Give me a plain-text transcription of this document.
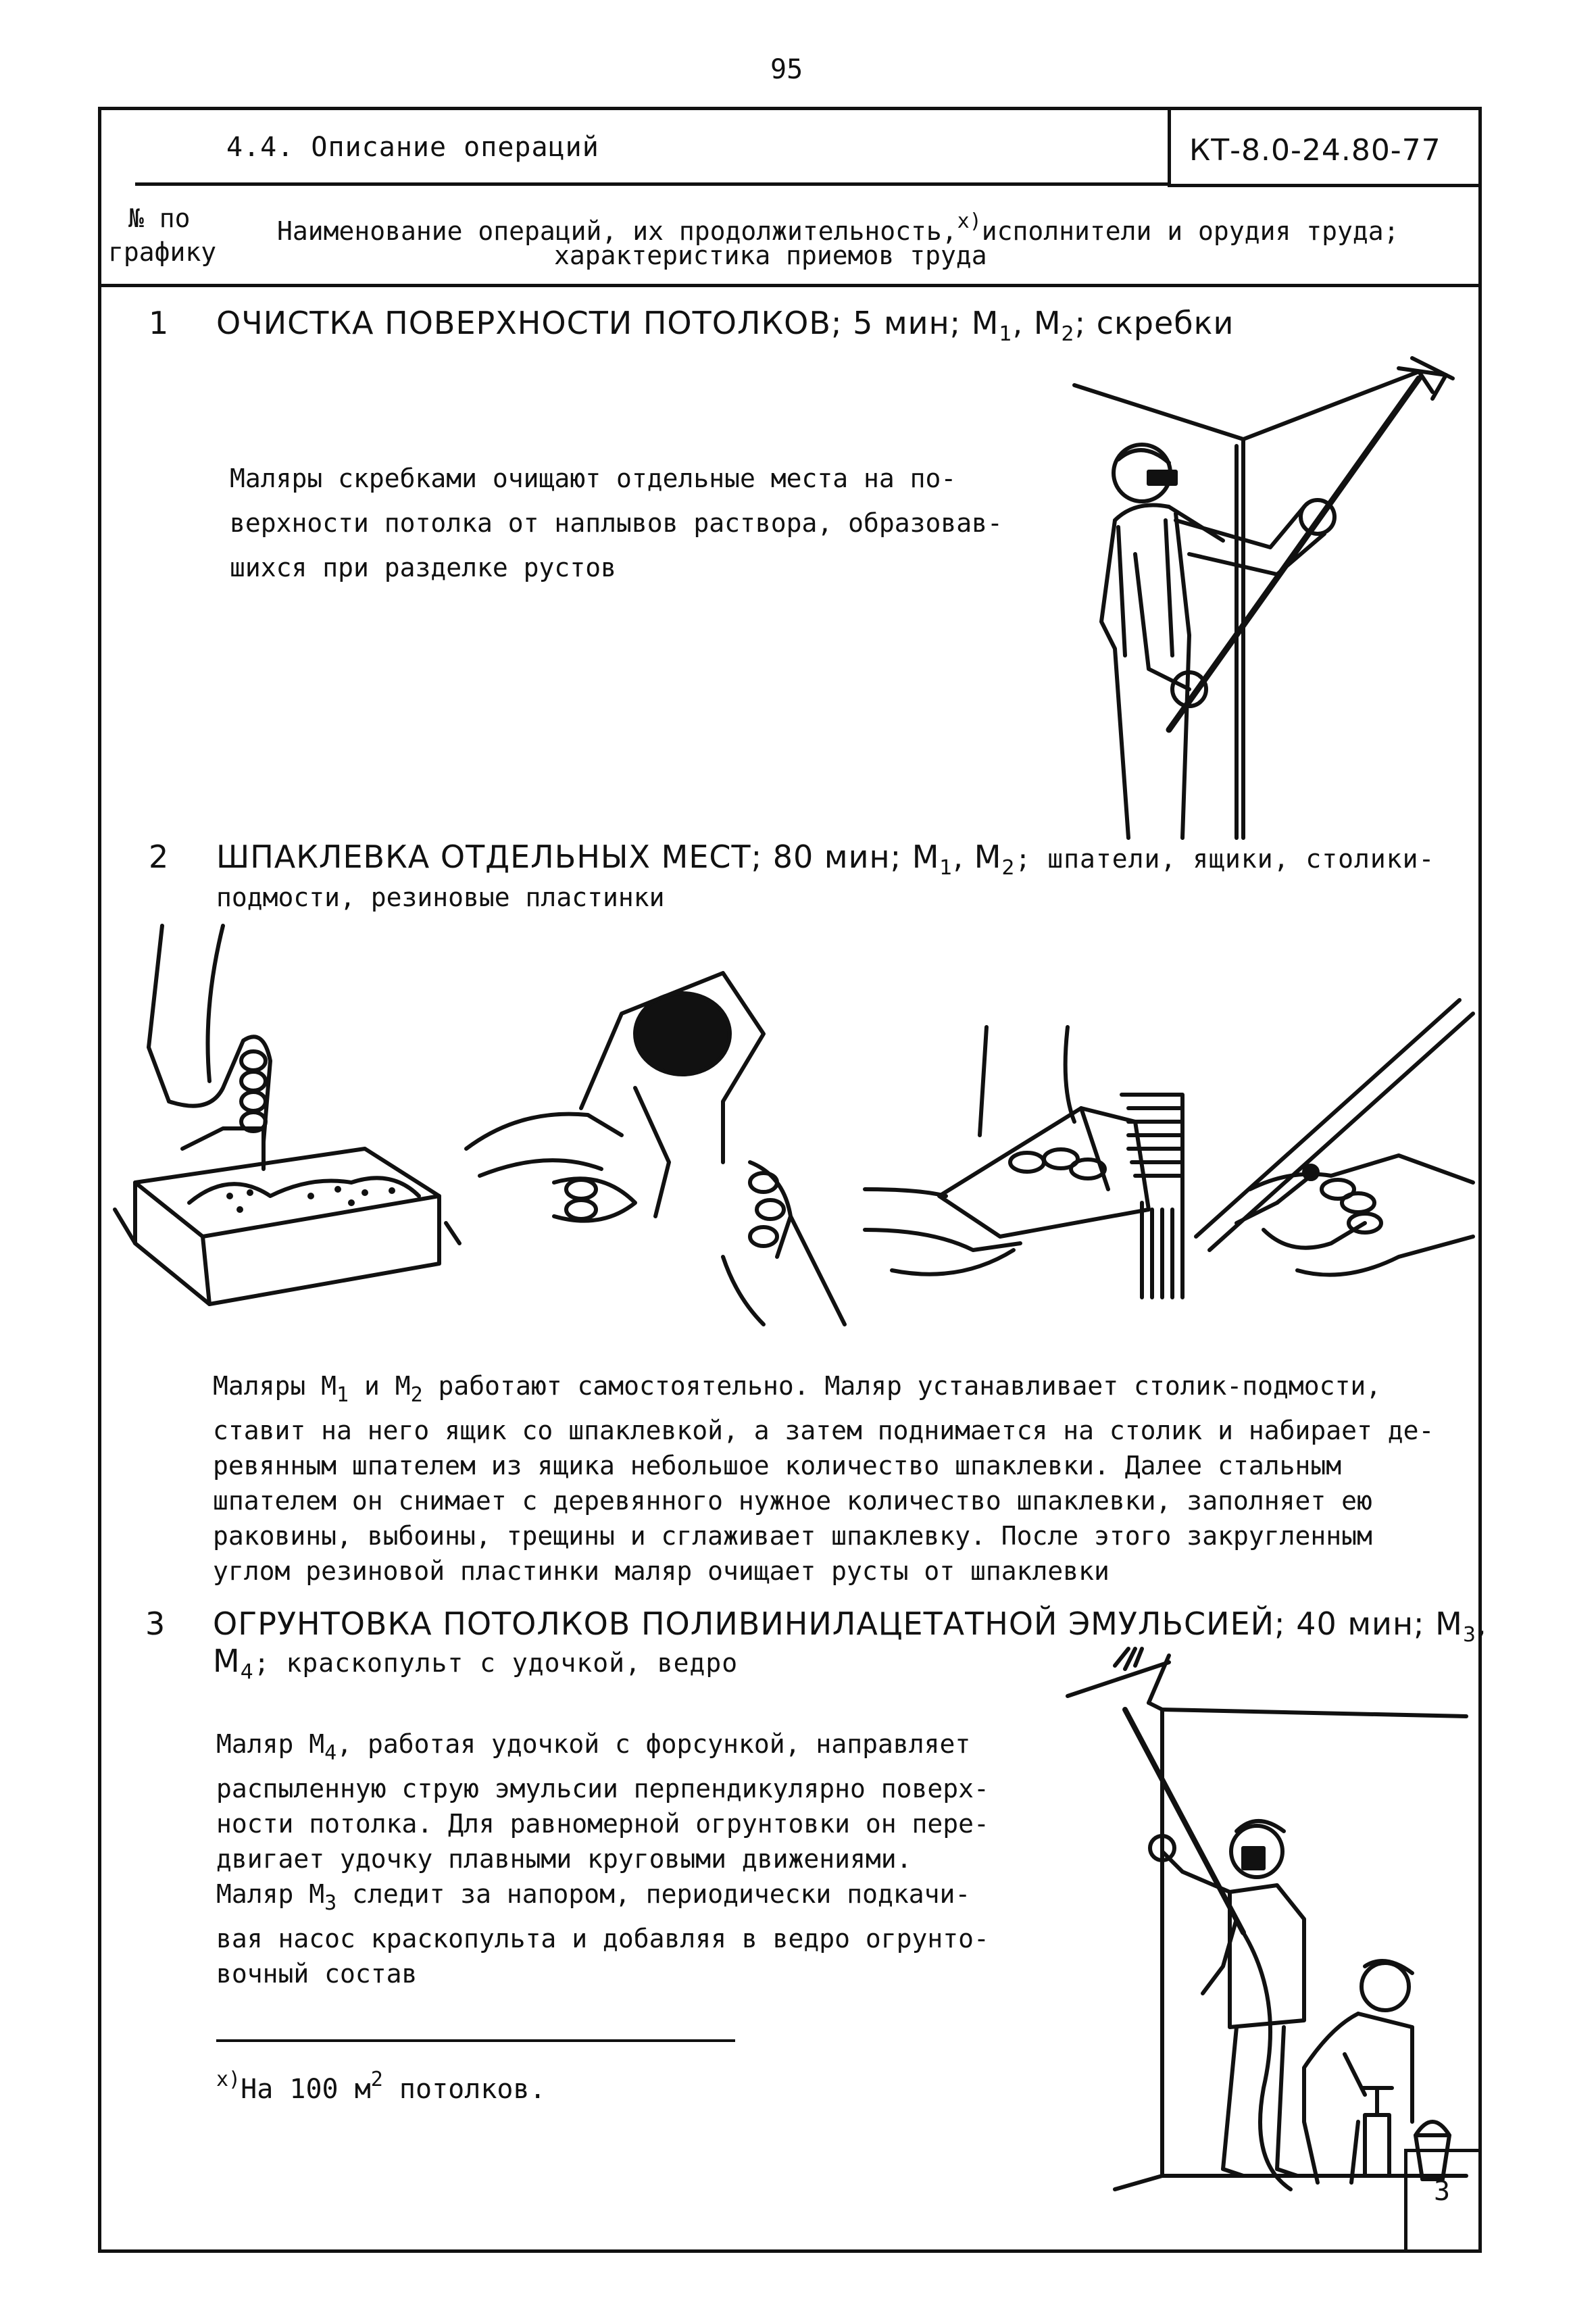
95
4.4. Описание операций	КТ-8.0-24.80-77
№ по
графику
Наименование операций, их продолжительность,$^{x)}$исполнители и орудия труда;
характеристика приемов труда
1 ОЧИСТКА ПОВЕРХНОСТИ ПОТОЛКОВ; 5 мин; $М_1$, $М_2$; скребки
Маляры скребками очищают отдельные места на по-
верхности потолка от наплывов раствора, образовав-
шихся при разделке рустов
2 ШПАКЛЕВКА ОТДЕЛЬНЫХ МЕСТ; 80 мин; $М_1$, $М_2$; шпатели, ящики, столики-
подмости, резиновые пластинки
Маляры $М_1$ и $М_2$ работают самостоятельно. Маляр устанавливает столик-подмости,
ставит на него ящик со шпаклевкой, а затем поднимается на столик и набирает де-
ревянным шпателем из ящика небольшое количество шпаклевки. Далее стальным
шпателем он снимает с деревянного нужное количество шпаклевки, заполняет ею
раковины, выбоины, трещины и сглаживает шпаклевку. После этого закругленным
углом резиновой пластинки маляр очищает русты от шпаклевки
3 ОГРУНТОВКА ПОТОЛКОВ ПОЛИВИНИЛАЦЕТАТНОЙ ЭМУЛЬСИЕЙ; 40 мин; $М_3$,
$М_4$; краскопульт с удочкой, ведро
Маляр $М_4$, работая удочкой с форсункой, направляет
распыленную струю эмульсии перпендикулярно поверх-
ности потолка. Для равномерной огрунтовки он пере-
двигает удочку плавными круговыми движениями.
Маляр $М_3$ следит за напором, периодически подкачи-
вая насос краскопульта и добавляя в ведро огрунто-
вочный состав
$^{x)}$На 100 $м^2$ потолков.
3
